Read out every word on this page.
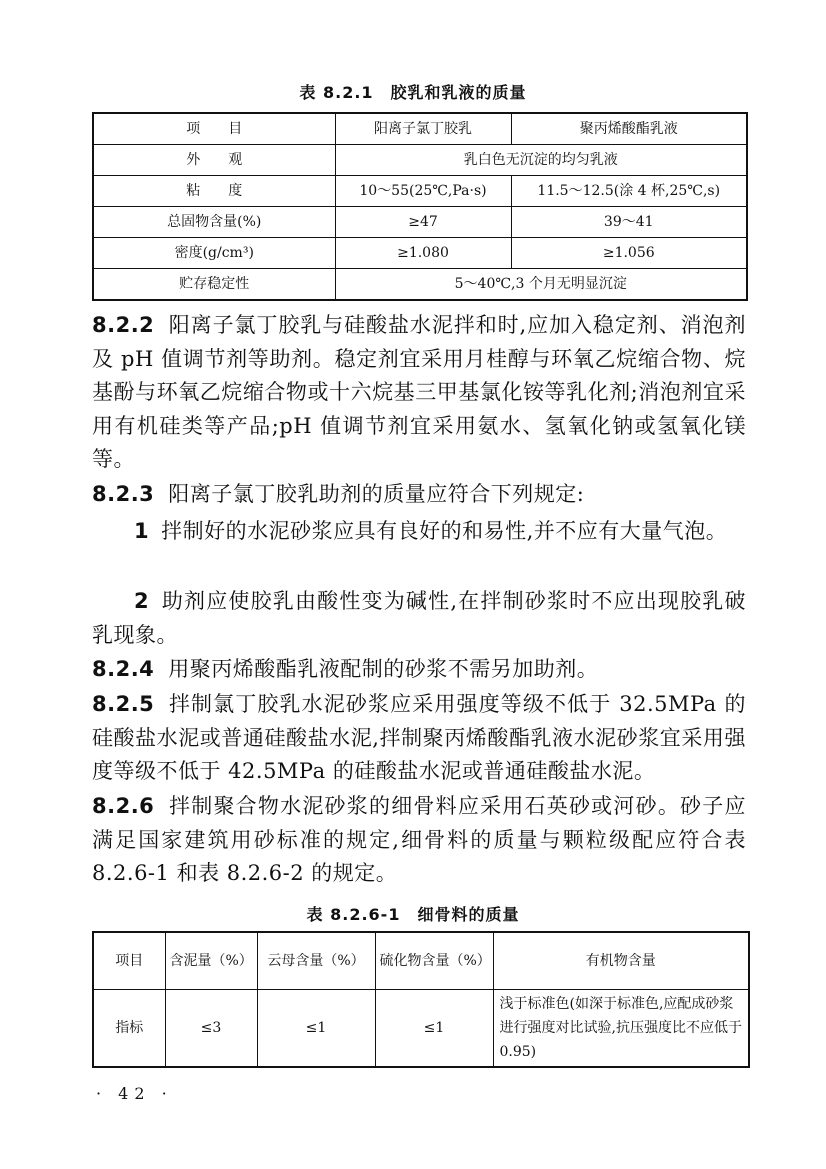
表 8.2.1　胶乳和乳液的质量
项　　目	阳离子氯丁胶乳	聚丙烯酸酯乳液
外　　观	乳白色无沉淀的均匀乳液	
粘　　度	10～55(25℃,Pa·s)	11.5～12.5(涂 4 杯,25℃,s)
总固物含量(%)	≥47	39～41
密度(g/cm³)	≥1.080	≥1.056
贮存稳定性	5～40℃,3 个月无明显沉淀	

8.2.2 阳离子氯丁胶乳与硅酸盐水泥拌和时,应加入稳定剂、消泡剂及 pH 值调节剂等助剂。稳定剂宜采用月桂醇与环氧乙烷缩合物、烷基酚与环氧乙烷缩合物或十六烷基三甲基氯化铵等乳化剂;消泡剂宜采用有机硅类等产品;pH 值调节剂宜采用氨水、氢氧化钠或氢氧化镁等。

8.2.3 阳离子氯丁胶乳助剂的质量应符合下列规定:

1 拌制好的水泥砂浆应具有良好的和易性,并不应有大量气泡。

2 助剂应使胶乳由酸性变为碱性,在拌制砂浆时不应出现胶乳破乳现象。

8.2.4 用聚丙烯酸酯乳液配制的砂浆不需另加助剂。

8.2.5 拌制氯丁胶乳水泥砂浆应采用强度等级不低于 32.5MPa 的硅酸盐水泥或普通硅酸盐水泥,拌制聚丙烯酸酯乳液水泥砂浆宜采用强度等级不低于 42.5MPa 的硅酸盐水泥或普通硅酸盐水泥。

8.2.6 拌制聚合物水泥砂浆的细骨料应采用石英砂或河砂。砂子应满足国家建筑用砂标准的规定,细骨料的质量与颗粒级配应符合表 8.2.6-1 和表 8.2.6-2 的规定。

表 8.2.6-1　细骨料的质量
项目	含泥量（%）	云母含量（%）	硫化物含量（%）	有机物含量
指标	≤3	≤1	≤1	浅于标准色(如深于标准色,应配成砂浆进行强度对比试验,抗压强度比不应低于 0.95)
· 42 ·
